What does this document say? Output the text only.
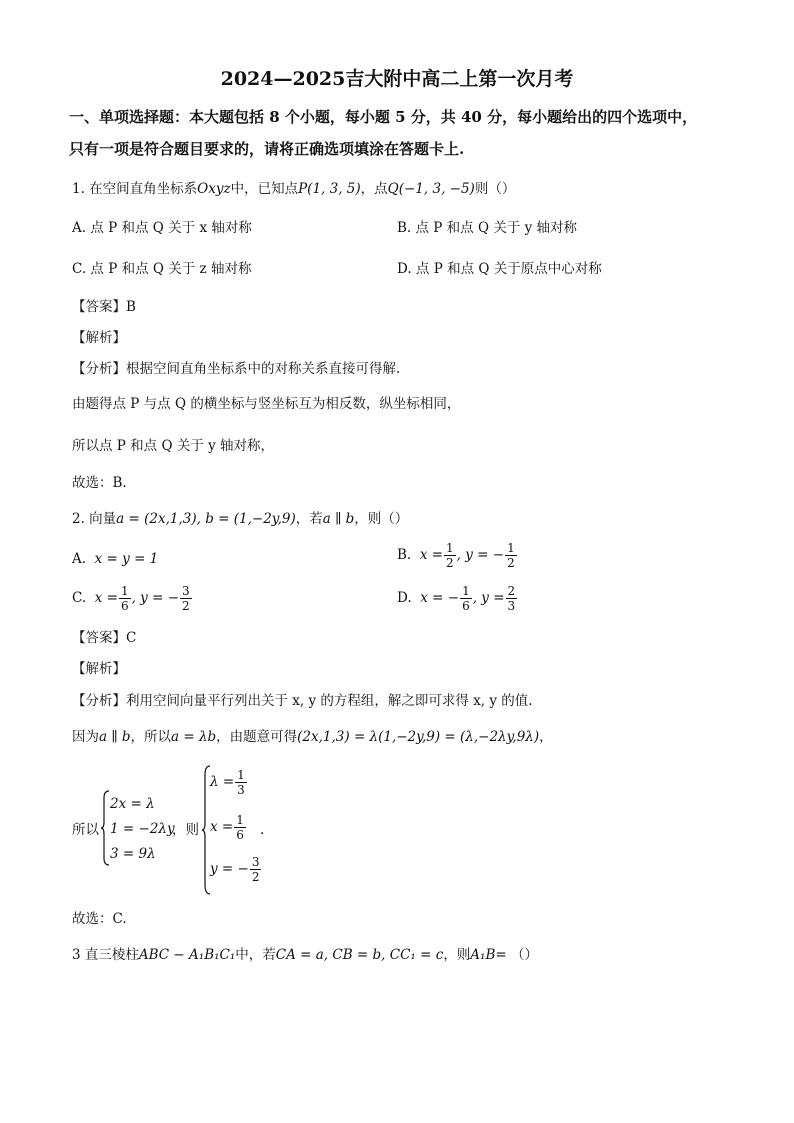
2024—2025吉大附中高二上第一次月考
一、单项选择题：本大题包括 8 个小题，每小题 5 分，共 40 分，每小题给出的四个选项中，
只有一项是符合题目要求的，请将正确选项填涂在答题卡上.
1. 在空间直角坐标系Oxyz中，已知点P(1, 3, 5)，点Q(−1, 3, −5)则（）
A. 点 P 和点 Q 关于 x 轴对称	B. 点 P 和点 Q 关于 y 轴对称
C. 点 P 和点 Q 关于 z 轴对称	D. 点 P 和点 Q 关于原点中心对称
【答案】B
【解析】
【分析】根据空间直角坐标系中的对称关系直接可得解.
由题得点 P 与点 Q 的横坐标与竖坐标互为相反数，纵坐标相同，
所以点 P 和点 Q 关于 y 轴对称，
故选：B.
2. 向量a = (2x,1,3), b = (1,−2y,9)，若a ∥ b，则（）
A. x = y = 1	B. $x = \frac{1}{2}$ , y = − $\frac{1}{2}$
C. $x = \frac{1}{6}$ , y = − $\frac{3}{2}$	D. x = − $\frac{1}{6}$ , $y = \frac{2}{3}$
【答案】C
【解析】
【分析】利用空间向量平行列出关于 x, y 的方程组，解之即可求得 x, y 的值.
因为a ∥ b，所以a = λb，由题意可得(2x,1,3) = λ(1,−2y,9) = (λ,−2λy,9λ)，
所以
2x = λ
1 = −2λy
3 = 9λ
，则
$\lambda = \frac{1}{3}$
$x = \frac{1}{6}$
y = − $\frac{3}{2}$
.
故选：C.
3 直三棱柱ABC − A₁B₁C₁中，若CA = a, CB = b, CC₁ = c，则A₁B= （）
